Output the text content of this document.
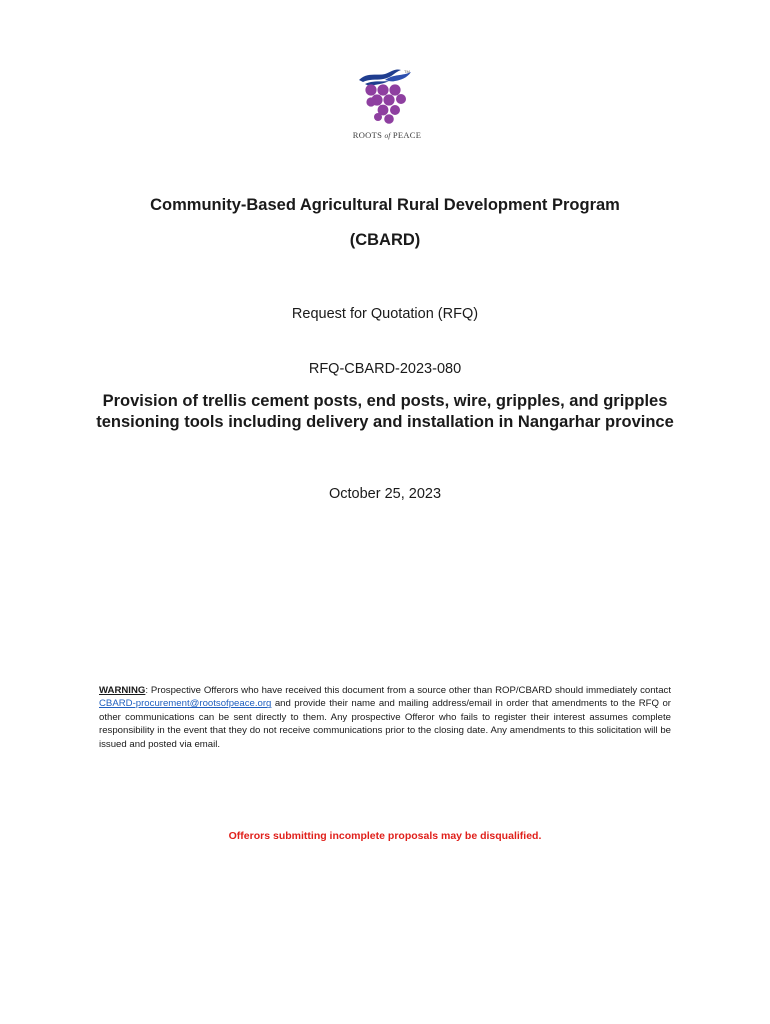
TM
ROOTS of PEACE
Community-Based Agricultural Rural Development Program
(CBARD)
Request for Quotation (RFQ)
RFQ-CBARD-2023-080
Provision of trellis cement posts, end posts, wire, gripples, and gripples tensioning tools including delivery and installation in Nangarhar province
October 25, 2023
WARNING: Prospective Offerors who have received this document from a source other than ROP/CBARD should immediately contact CBARD-procurement@rootsofpeace.org and provide their name and mailing address/email in order that amendments to the RFQ or other communications can be sent directly to them. Any prospective Offeror who fails to register their interest assumes complete responsibility in the event that they do not receive communications prior to the closing date. Any amendments to this solicitation will be issued and posted via email.
Offerors submitting incomplete proposals may be disqualified.
